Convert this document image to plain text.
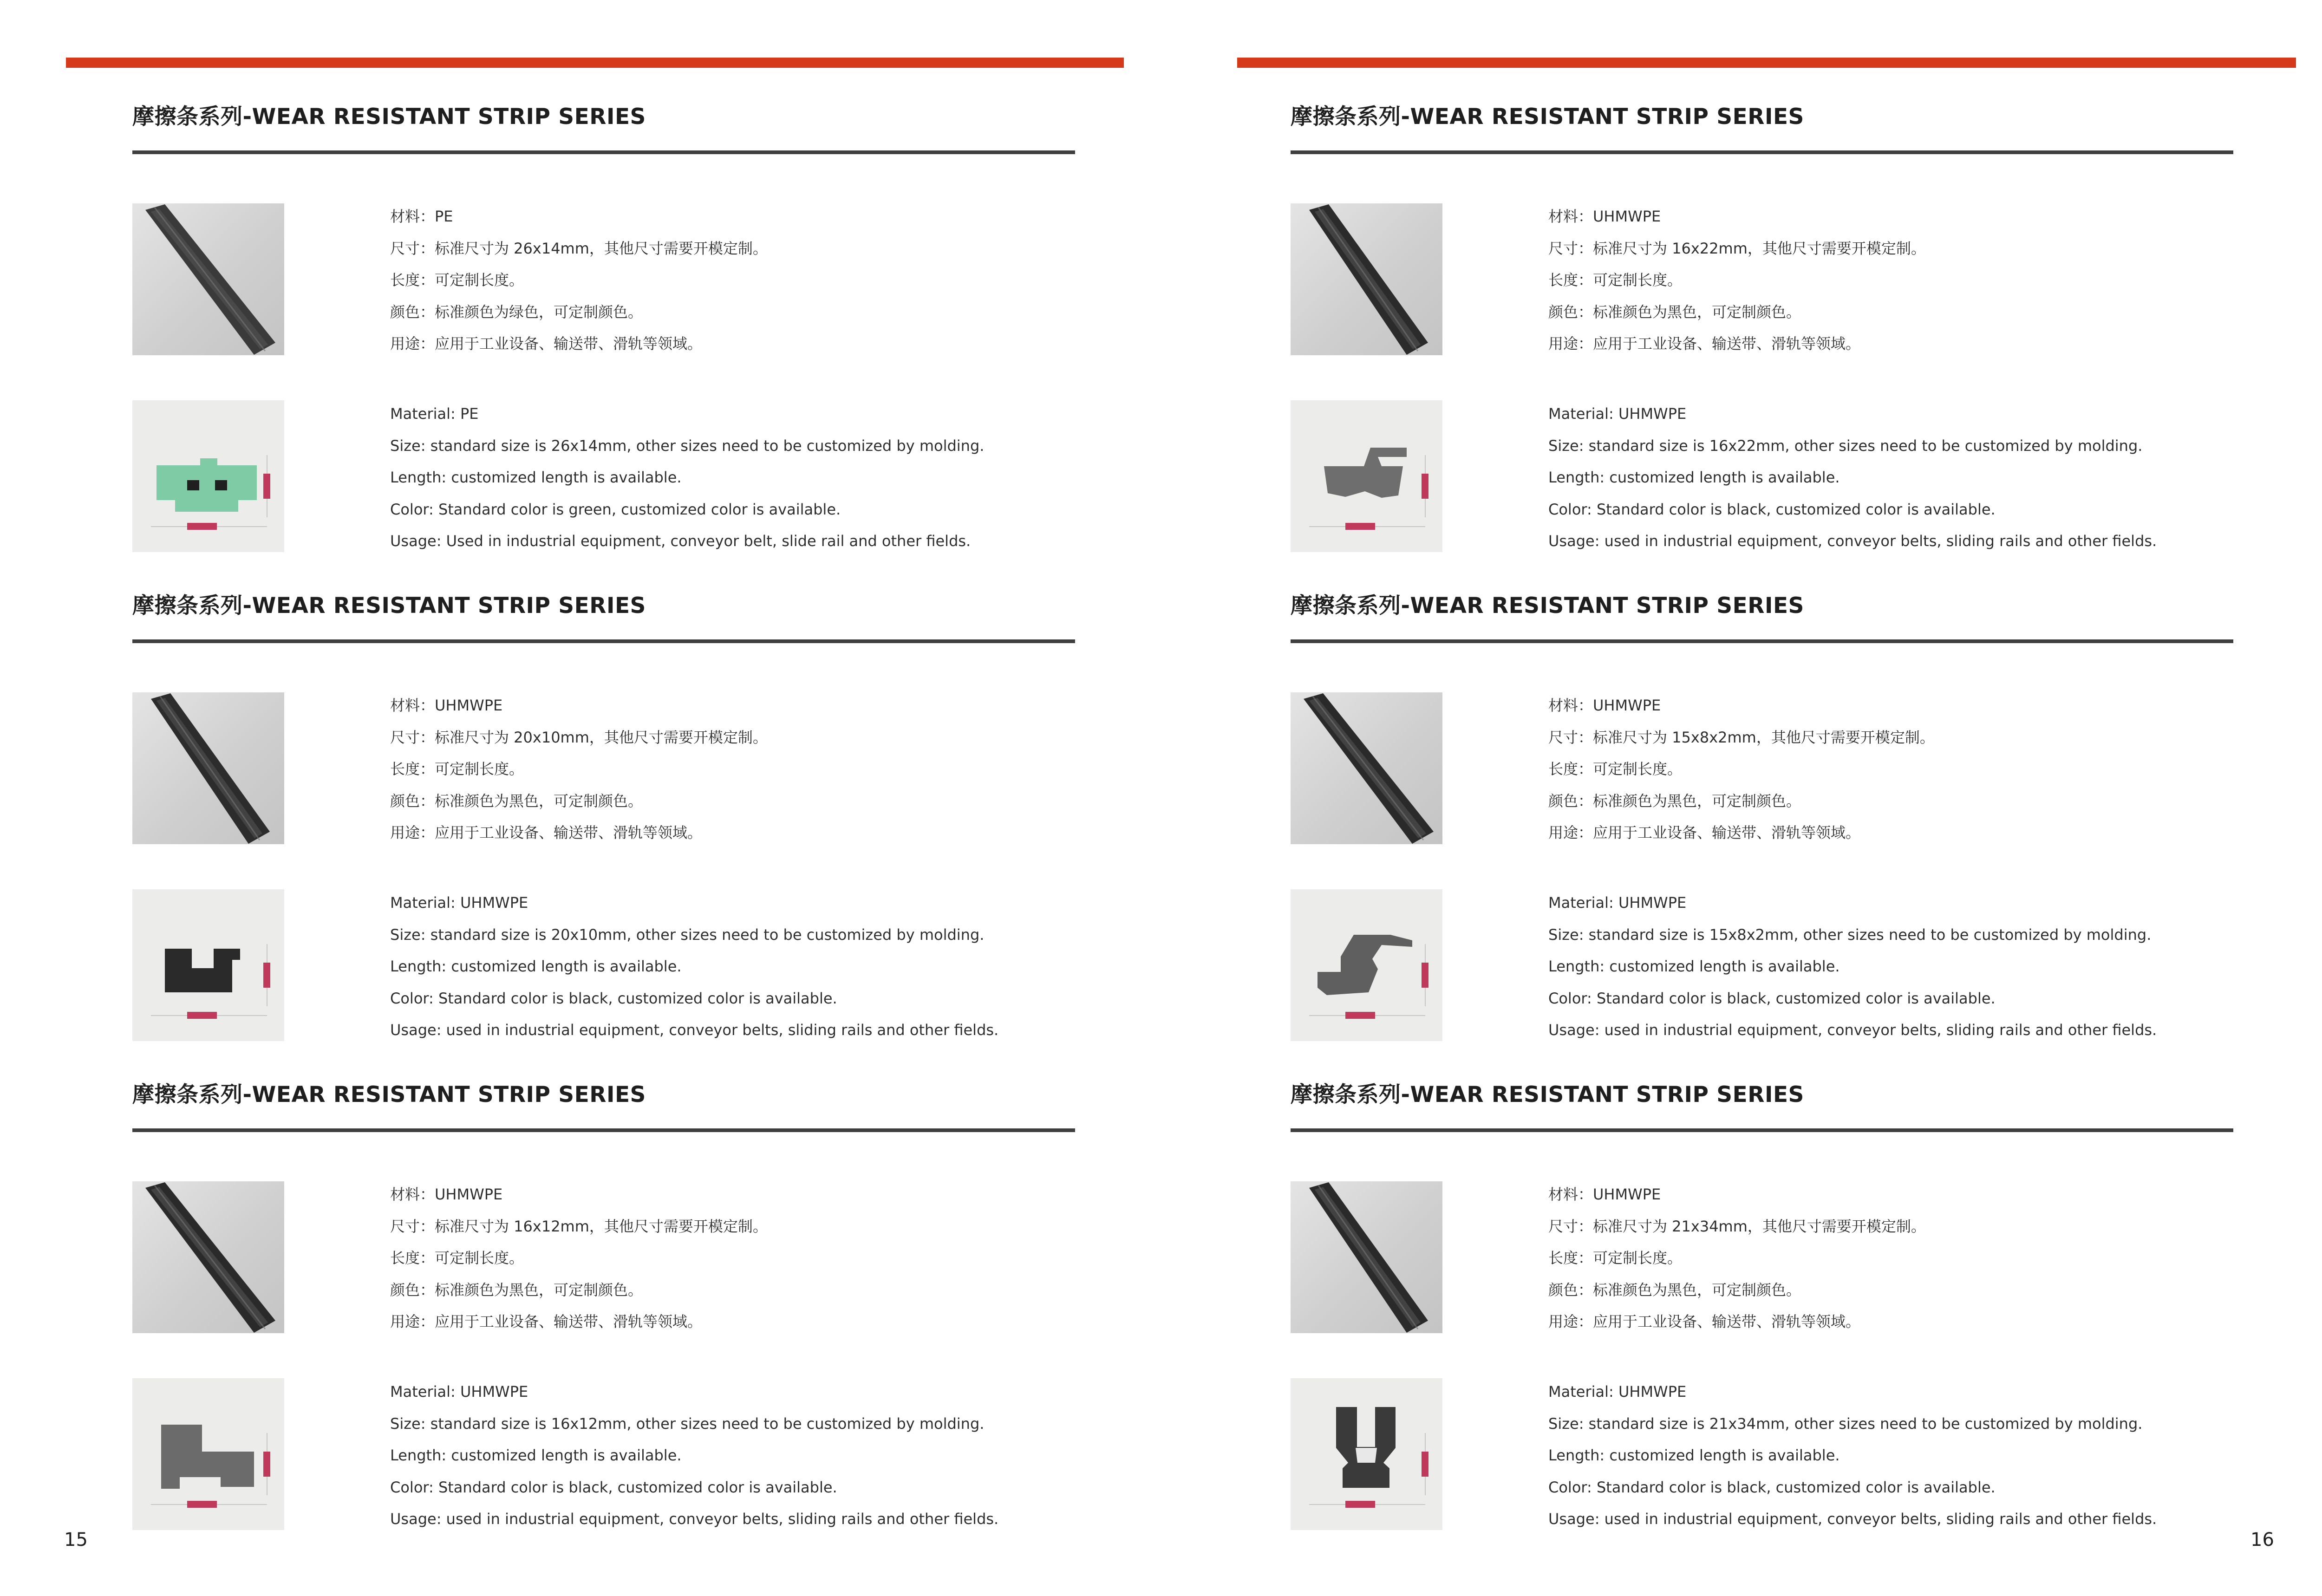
摩擦条系列-WEAR RESISTANT STRIP SERIES
材料：PE
尺寸：标准尺寸为 26x14mm，其他尺寸需要开模定制。
长度：可定制长度。
颜色：标准颜色为绿色，可定制颜色。
用途：应用于工业设备、输送带、滑轨等领域。
Material: PE
Size: standard size is 26x14mm, other sizes need to be customized by molding.
Length: customized length is available.
Color: Standard color is green, customized color is available.
Usage: Used in industrial equipment, conveyor belt, slide rail and other fields.
摩擦条系列-WEAR RESISTANT STRIP SERIES
材料：UHMWPE
尺寸：标准尺寸为 20x10mm，其他尺寸需要开模定制。
长度：可定制长度。
颜色：标准颜色为黑色，可定制颜色。
用途：应用于工业设备、输送带、滑轨等领域。
Material: UHMWPE
Size: standard size is 20x10mm, other sizes need to be customized by molding.
Length: customized length is available.
Color: Standard color is black, customized color is available.
Usage: used in industrial equipment, conveyor belts, sliding rails and other fields.
摩擦条系列-WEAR RESISTANT STRIP SERIES
材料：UHMWPE
尺寸：标准尺寸为 16x12mm，其他尺寸需要开模定制。
长度：可定制长度。
颜色：标准颜色为黑色，可定制颜色。
用途：应用于工业设备、输送带、滑轨等领域。
Material: UHMWPE
Size: standard size is 16x12mm, other sizes need to be customized by molding.
Length: customized length is available.
Color: Standard color is black, customized color is available.
Usage: used in industrial equipment, conveyor belts, sliding rails and other fields.
15
摩擦条系列-WEAR RESISTANT STRIP SERIES
材料：UHMWPE
尺寸：标准尺寸为 16x22mm，其他尺寸需要开模定制。
长度：可定制长度。
颜色：标准颜色为黑色，可定制颜色。
用途：应用于工业设备、输送带、滑轨等领域。
Material: UHMWPE
Size: standard size is 16x22mm, other sizes need to be customized by molding.
Length: customized length is available.
Color: Standard color is black, customized color is available.
Usage: used in industrial equipment, conveyor belts, sliding rails and other fields.
摩擦条系列-WEAR RESISTANT STRIP SERIES
材料：UHMWPE
尺寸：标准尺寸为 15x8x2mm，其他尺寸需要开模定制。
长度：可定制长度。
颜色：标准颜色为黑色，可定制颜色。
用途：应用于工业设备、输送带、滑轨等领域。
Material: UHMWPE
Size: standard size is 15x8x2mm, other sizes need to be customized by molding.
Length: customized length is available.
Color: Standard color is black, customized color is available.
Usage: used in industrial equipment, conveyor belts, sliding rails and other fields.
摩擦条系列-WEAR RESISTANT STRIP SERIES
材料：UHMWPE
尺寸：标准尺寸为 21x34mm，其他尺寸需要开模定制。
长度：可定制长度。
颜色：标准颜色为黑色，可定制颜色。
用途：应用于工业设备、输送带、滑轨等领域。
Material: UHMWPE
Size: standard size is 21x34mm, other sizes need to be customized by molding.
Length: customized length is available.
Color: Standard color is black, customized color is available.
Usage: used in industrial equipment, conveyor belts, sliding rails and other fields.
16
